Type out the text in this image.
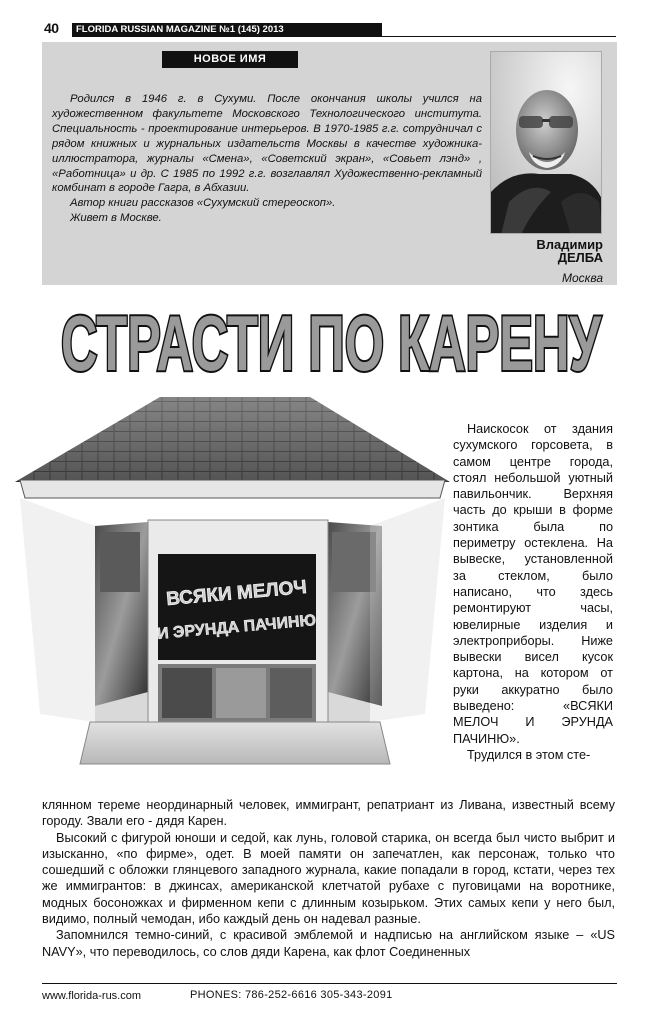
40	FLORIDA RUSSIAN MAGAZINE №1 (145) 2013
НОВОЕ ИМЯ

Родился в 1946 г. в Сухуми. После окончания школы учился на художественном факультете Московского Технологического института. Специальность - проектирование интерьеров. В 1970-1985 г.г. сотрудничал с рядом книжных и журнальных издательств Москвы в качестве художника-иллюстратора, журналы «Смена», «Советский экран», «Совьет лэнд» , «Работница» и др. С 1985 по 1992 г.г. возглавлял Художественно-рекламный комбинат в городе Гагра, в Абхазии.

Автор книги рассказов «Сухумский стереоскоп».

Живет в Москве.

Владимир
ДЕЛБА
Москва
СТРАСТИ ПО КАРЕНУ
ВСЯКИ МЕЛОЧ
И ЭРУНДА ПАЧИНЮ

Наискосок от здания сухумского горсовета, в самом центре города, стоял небольшой уютный павильончик. Верхняя часть до крыши в форме зонтика была по периметру остеклена. На вывеске, установленной за стеклом, было написано, что здесь ремонтируют часы, ювелирные изделия и электроприборы. Ниже вывески висел кусок картона, на котором от руки аккуратно было выведено: «ВСЯКИ МЕЛОЧ И ЭРУНДА ПАЧИНЮ».

Трудился в этом сте-

клянном тереме неординарный человек, иммигрант, репатриант из Ливана, известный всему городу. Звали его - дядя Карен.

Высокий с фигурой юноши и седой, как лунь, головой старика, он всегда был чисто выбрит и изысканно, «по фирме», одет. В моей памяти он запечатлен, как персонаж, только что сошедший с обложки глянцевого западного журнала, какие попадали в город, кстати, через тех же иммигрантов: в джинсах, американской клетчатой рубахе с пуговицами на воротнике, модных босоножках и фирменном кепи с длинным козырьком. Этих самых кепи у него был, видимо, полный чемодан, ибо каждый день он надевал разные.

Запомнился темно-синий, с красивой эмблемой и надписью на английском языке – «US NAVY», что переводилось, со слов дяди Карена, как флот Соединенных

www.florida-rus.com	PHONES: 786-252-6616 305-343-2091
